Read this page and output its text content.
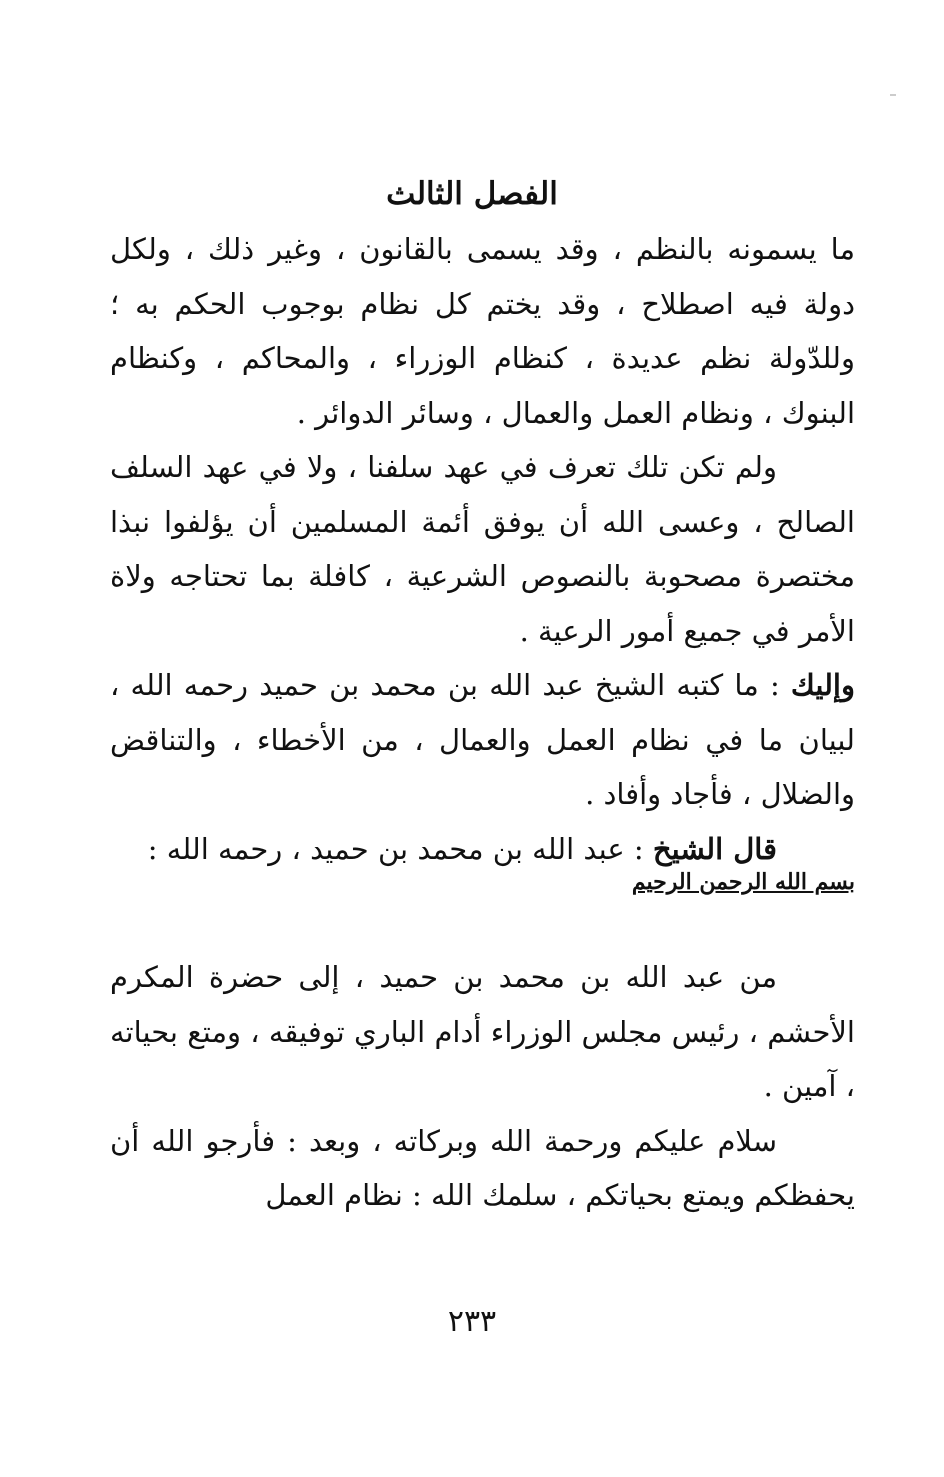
الفصل الثالث

ما يسمونه بالنظم ، وقد يسمى بالقانون ، وغير ذلك ، ولكل دولة فيه اصطلاح ، وقد يختم كل نظام بوجوب الحكم به ؛ وللدّولة نظم عديدة ، كنظام الوزراء ، والمحاكم ، وكنظام البنوك ، ونظام العمل والعمال ، وسائر الدوائر .

ولم تكن تلك تعرف في عهد سلفنا ، ولا في عهد السلف الصالح ، وعسى الله أن يوفق أئمة المسلمين أن يؤلفوا نبذا مختصرة مصحوبة بالنصوص الشرعية ، كافلة بما تحتاجه ولاة الأمر في جميع أمور الرعية .

وإليك : ما كتبه الشيخ عبد الله بن محمد بن حميد رحمه الله ، لبيان ما في نظام العمل والعمال ، من الأخطاء ، والتناقض والضلال ، فأجاد وأفاد .

قال الشيخ : عبد الله بن محمد بن حميد ، رحمه الله :

بسم الله الرحمن الرحيم

من عبد الله بن محمد بن حميد ، إلى حضرة المكرم الأحشم ، رئيس مجلس الوزراء أدام الباري توفيقه ، ومتع بحياته ، آمين .

سلام عليكم ورحمة الله وبركاته ، وبعد : فأرجو الله أن يحفظكم ويمتع بحياتكم ، سلمك الله : نظام العمل

٢٣٣
